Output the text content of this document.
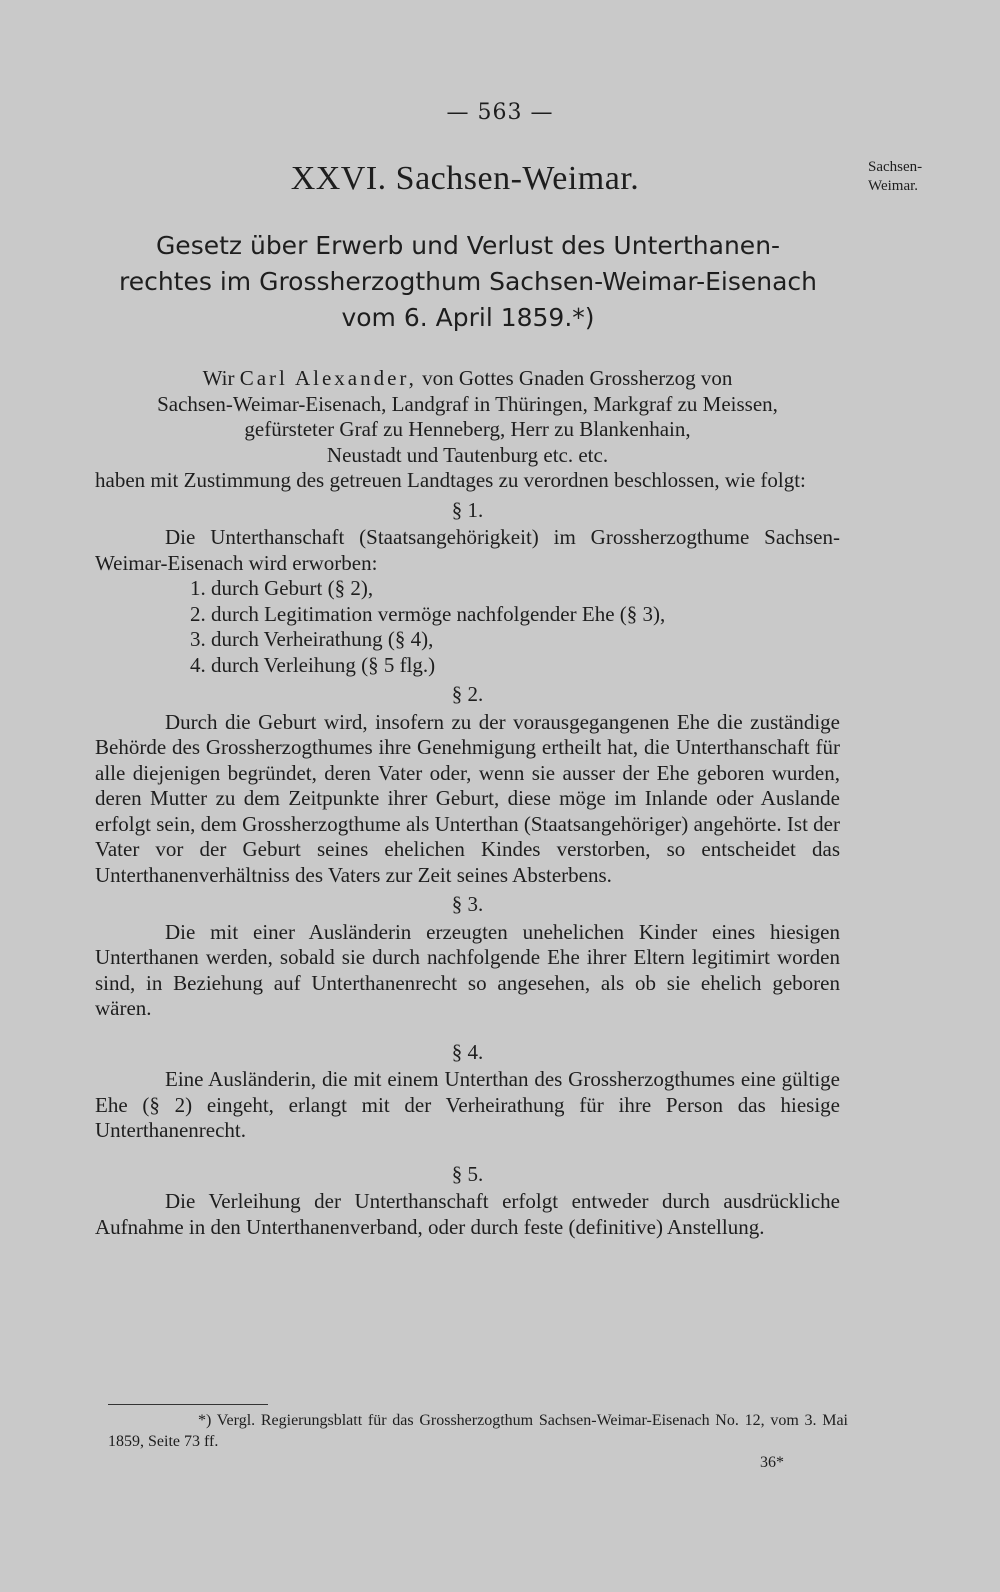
— 563 —
XXVI. Sachsen-Weimar.	Sachsen-
Weimar.
Gesetz über Erwerb und Verlust des Unterthanen-
rechtes im Grossherzogthum Sachsen-Weimar-Eisenach
vom 6. April 1859.*)

Wir Carl Alexander, von Gottes Gnaden Grossherzog von

Sachsen-Weimar-Eisenach, Landgraf in Thüringen, Markgraf zu Meissen,

gefürsteter Graf zu Henneberg, Herr zu Blankenhain,

Neustadt und Tautenburg etc. etc.

haben mit Zustimmung des getreuen Landtages zu verordnen beschlossen, wie folgt:

§ 1.

Die Unterthanschaft (Staatsangehörigkeit) im Grossherzogthume Sachsen-Weimar-Eisenach wird erworben:

1. durch Geburt (§ 2),
2. durch Legitimation vermöge nachfolgender Ehe (§ 3),
3. durch Verheirathung (§ 4),
4. durch Verleihung (§ 5 flg.)

§ 2.

Durch die Geburt wird, insofern zu der vorausgegangenen Ehe die zuständige Behörde des Grossherzogthumes ihre Genehmigung ertheilt hat, die Unterthanschaft für alle diejenigen begründet, deren Vater oder, wenn sie ausser der Ehe geboren wurden, deren Mutter zu dem Zeitpunkte ihrer Geburt, diese möge im Inlande oder Auslande erfolgt sein, dem Grossherzogthume als Unterthan (Staatsangehöriger) angehörte. Ist der Vater vor der Geburt seines ehelichen Kindes verstorben, so entscheidet das Unterthanenverhältniss des Vaters zur Zeit seines Absterbens.

§ 3.

Die mit einer Ausländerin erzeugten unehelichen Kinder eines hiesigen Unterthanen werden, sobald sie durch nachfolgende Ehe ihrer Eltern legitimirt worden sind, in Beziehung auf Unterthanenrecht so angesehen, als ob sie ehelich geboren wären.

§ 4.

Eine Ausländerin, die mit einem Unterthan des Grossherzogthumes eine gültige Ehe (§ 2) eingeht, erlangt mit der Verheirathung für ihre Person das hiesige Unterthanenrecht.

§ 5.

Die Verleihung der Unterthanschaft erfolgt entweder durch ausdrückliche Aufnahme in den Unterthanenverband, oder durch feste (definitive) Anstellung.

*) Vergl. Regierungsblatt für das Grossherzogthum Sachsen-Weimar-Eisenach No. 12, vom 3. Mai 1859, Seite 73 ff.
36*
